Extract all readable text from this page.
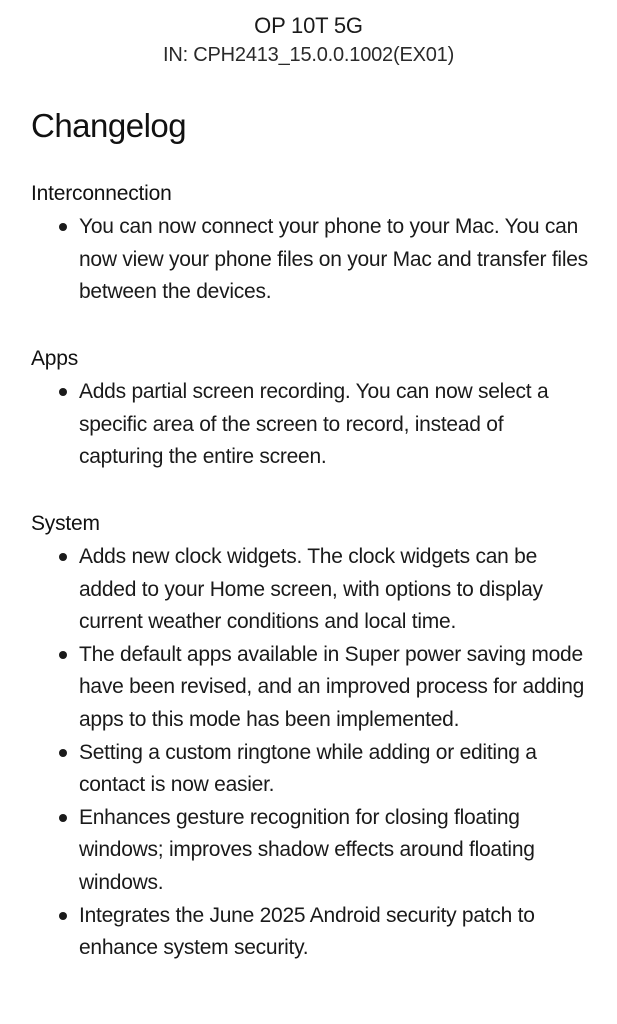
OP 10T 5G
IN: CPH2413_15.0.0.1002(EX01)
Changelog
Interconnection
You can now connect your phone to your Mac. You can now view your phone files on your Mac and transfer files between the devices.
Apps
Adds partial screen recording. You can now select a specific area of the screen to record, instead of capturing the entire screen.
System
Adds new clock widgets. The clock widgets can be added to your Home screen, with options to display current weather conditions and local time.
The default apps available in Super power saving mode have been revised, and an improved process for adding apps to this mode has been implemented.
Setting a custom ringtone while adding or editing a contact is now easier.
Enhances gesture recognition for closing floating windows; improves shadow effects around floating windows.
Integrates the June 2025 Android security patch to enhance system security.
